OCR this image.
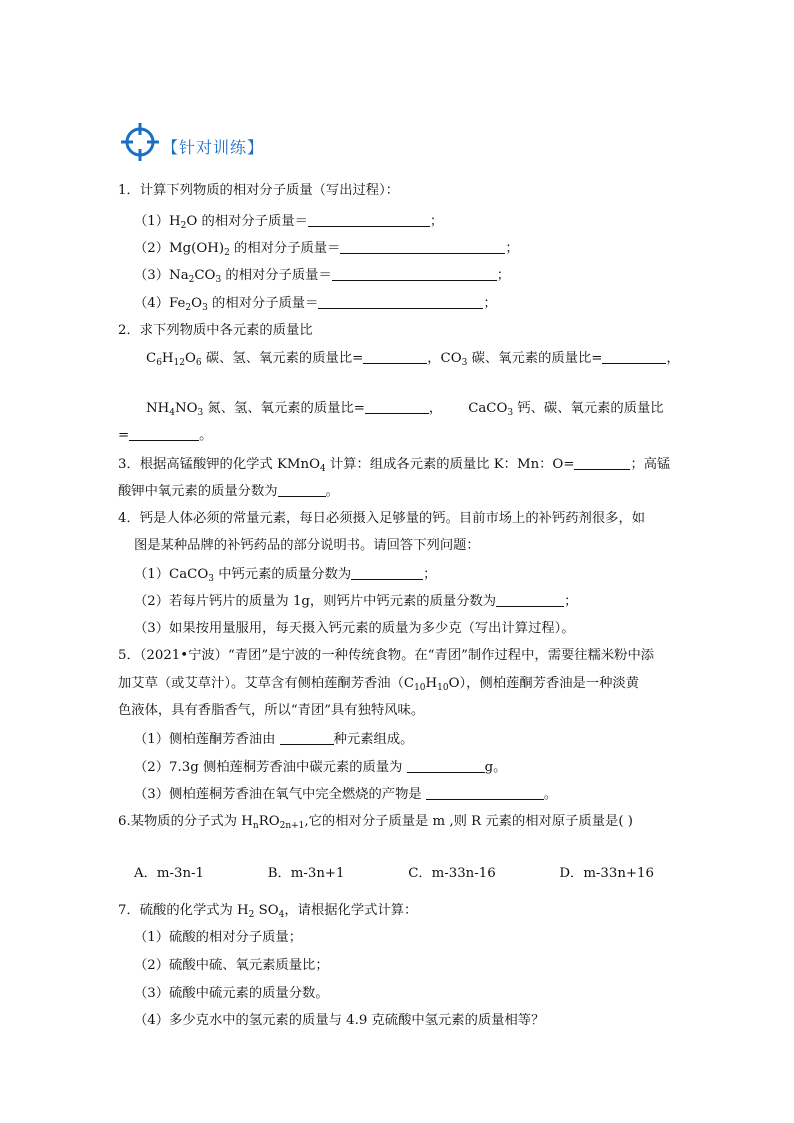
【针对训练】
1．计算下列物质的相对分子质量（写出过程）：
$(1)H_2O$ 的相对分子质量＝	；
$(2)Mg(OH)_2$ 的相对分子质量＝	；
$(3)Na_2CO_3$ 的相对分子质量＝	；
$(4)Fe_2O_3$ 的相对分子质量＝	；
2．求下列物质中各元素的质量比
$C_6H_{12}O_6$ 碳、氢、氧元素的质量比=	，$CO_3$ 碳、氧元素的质量比=	，
$NH_4NO_3$ 氮、氢、氧元素的质量比=	， CaCO$_3$ 钙、碳、氧元素的质量比
=	。
3．根据高锰酸钾的化学式 KMnO$_4$ 计算：组成各元素的质量比 K：Mn：O=	；高锰
酸钾中氧元素的质量分数为	。
4．钙是人体必须的常量元素，每日必须摄入足够量的钙。目前市场上的补钙药剂很多，如
图是某种品牌的补钙药品的部分说明书。请回答下列问题：
（1）CaCO$_3$ 中钙元素的质量分数为	；
（2）若每片钙片的质量为 1g，则钙片中钙元素的质量分数为	；
（3）如果按用量服用，每天摄入钙元素的质量为多少克（写出计算过程）。
5．（2021•宁波）“青团”是宁波的一种传统食物。在“青团”制作过程中，需要往糯米粉中添
加艾草（或艾草汁）。艾草含有侧柏莲酮芳香油$(C_{10}H_{10}O)$，侧柏莲酮芳香油是一种淡黄
色液体，具有香脂香气，所以“青团”具有独特风味。
（1）侧柏莲酮芳香油由	种元素组成。
（2）7.3g 侧柏莲桐芳香油中碳元素的质量为	g。
（3）侧柏莲桐芳香油在氧气中完全燃烧的产物是	。
6.某物质的分子式为 $H_nRO_{2n+1}$,它的相对分子质量是 m ,则 R 元素的相对原子质量是( )
A．m-3n-1	B．m-3n+1	C．m-33n-16	D．m-33n+16
7．硫酸的化学式为 $H_2$ $SO_4$，请根据化学式计算：
（1）硫酸的相对分子质量；
（2）硫酸中硫、氧元素质量比；
（3）硫酸中硫元素的质量分数。
（4）多少克水中的氢元素的质量与 4.9 克硫酸中氢元素的质量相等？
